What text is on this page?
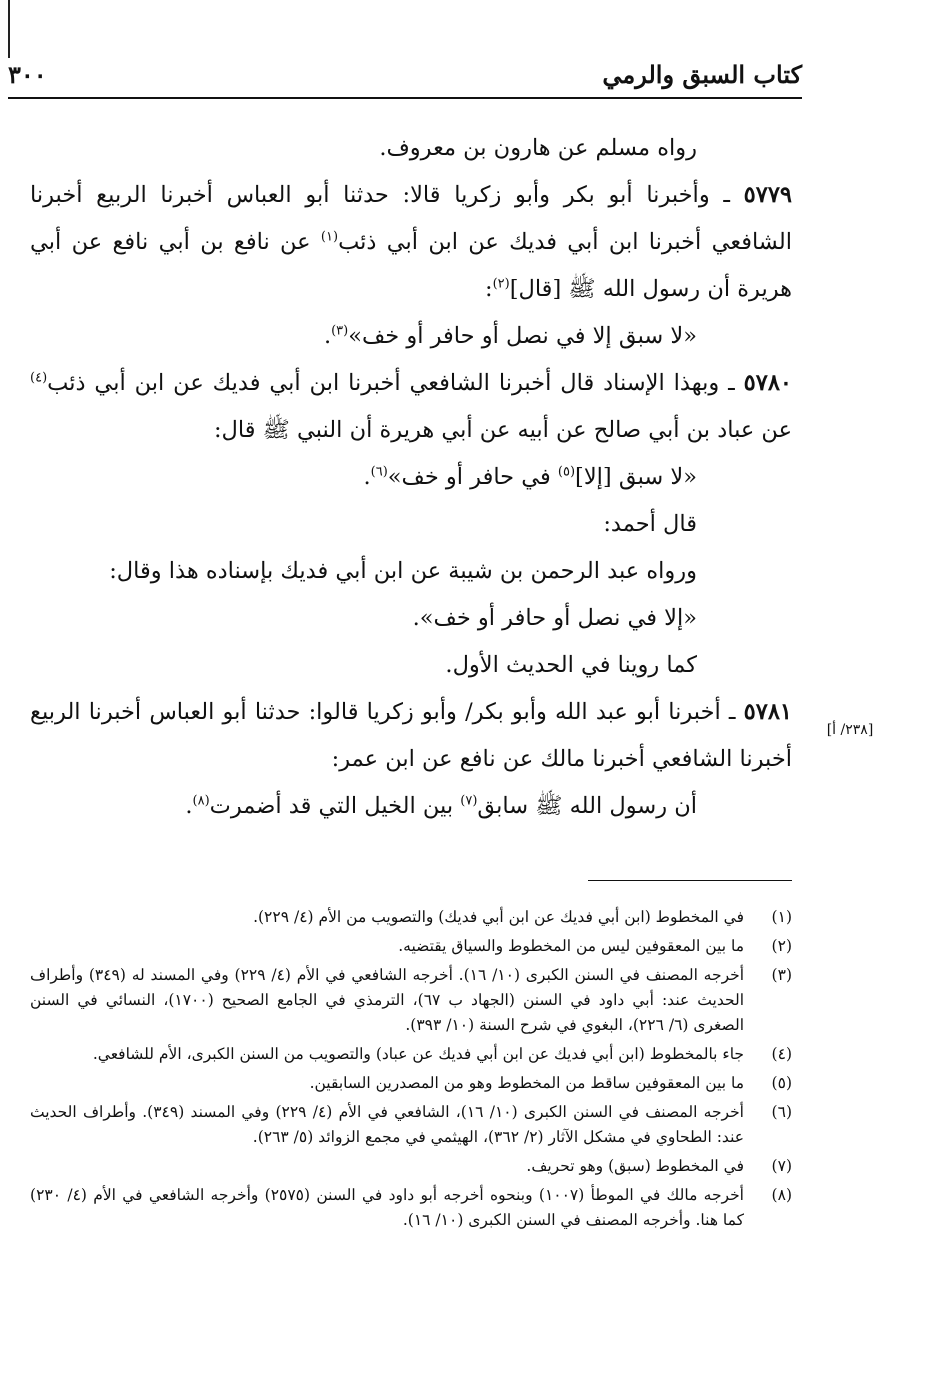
كتاب السبق والرمي
٣٠٠

رواه مسلم عن هارون بن معروف.

٥٧٧٩ ـ وأخبرنا أبو بكر وأبو زكريا قالا: حدثنا أبو العباس أخبرنا الربيع أخبرنا الشافعي أخبرنا ابن أبي فديك عن ابن أبي ذئب$^{(١)}$ عن نافع بن أبي نافع عن أبي هريرة أن رسول الله ﷺ [قال]$^{(٢)}$:

«لا سبق إلا في نصل أو حافر أو خف»$^{(٣)}$.

٥٧٨٠ ـ وبهذا الإسناد قال أخبرنا الشافعي أخبرنا ابن أبي فديك عن ابن أبي ذئب$^{(٤)}$ عن عباد بن أبي صالح عن أبيه عن أبي هريرة أن النبي ﷺ قال:

«لا سبق [إلا]$^{(٥)}$ في حافر أو خف»$^{(٦)}$.

قال أحمد:

ورواه عبد الرحمن بن شيبة عن ابن أبي فديك بإسناده هذا وقال:

«إلا في نصل أو حافر أو خف».

كما روينا في الحديث الأول.

٥٧٨١ ـ أخبرنا أبو عبد الله وأبو بكر/ وأبو زكريا قالوا: حدثنا أبو العباس أخبرنا الربيع أخبرنا الشافعي أخبرنا مالك عن نافع عن ابن عمر:

أن رسول الله ﷺ سابق$^{(٧)}$ بين الخيل التي قد أضمرت$^{(٨)}$.

[٢٣٨/ أ]
(١)
في المخطوط (ابن أبي فديك عن ابن أبي فديك) والتصويب من الأم (٤/ ٢٢٩).
(٢)
ما بين المعقوفين ليس من المخطوط والسياق يقتضيه.
(٣)
أخرجه المصنف في السنن الكبرى (١٠/ ١٦). أخرجه الشافعي في الأم (٤/ ٢٢٩) وفي المسند له (٣٤٩) وأطراف الحديث عند: أبي داود في السنن (الجهاد ب ٦٧)، الترمذي في الجامع الصحيح (١٧٠٠)، النسائي في السنن الصغرى (٦/ ٢٢٦)، البغوي في شرح السنة (١٠/ ٣٩٣).
(٤)
جاء بالمخطوط (ابن أبي فديك عن ابن أبي فديك عن عباد) والتصويب من السنن الكبرى، الأم للشافعي.
(٥)
ما بين المعقوفين ساقط من المخطوط وهو من المصدرين السابقين.
(٦)
أخرجه المصنف في السنن الكبرى (١٠/ ١٦)، الشافعي في الأم (٤/ ٢٢٩) وفي المسند (٣٤٩). وأطراف الحديث عند: الطحاوي في مشكل الآثار (٢/ ٣٦٢)، الهيثمي في مجمع الزوائد (٥/ ٢٦٣).
(٧)
في المخطوط (سبق) وهو تحريف.
(٨)
أخرجه مالك في الموطأ (١٠٠٧) وبنحوه أخرجه أبو داود في السنن (٢٥٧٥) وأخرجه الشافعي في الأم (٤/ ٢٣٠) كما هنا. وأخرجه المصنف في السنن الكبرى (١٠/ ١٦).
